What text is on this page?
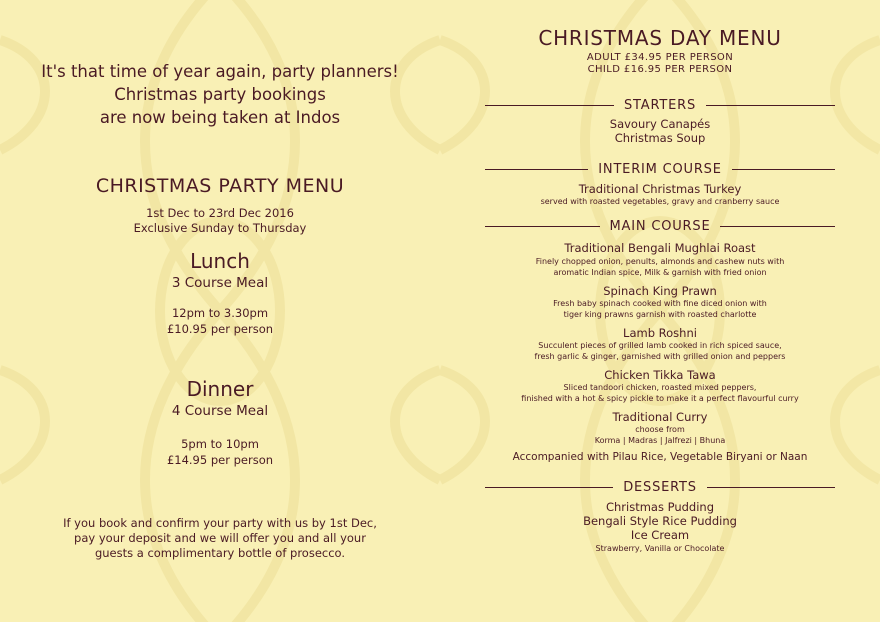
It's that time of year again, party planners!
Christmas party bookings
are now being taken at Indos
CHRISTMAS PARTY MENU
1st Dec to 23rd Dec 2016
Exclusive Sunday to Thursday
Lunch
3 Course Meal
12pm to 3.30pm
£10.95 per person
Dinner
4 Course Meal
5pm to 10pm
£14.95 per person
If you book and confirm your party with us by 1st Dec,
pay your deposit and we will offer you and all your
guests a complimentary bottle of prosecco.
CHRISTMAS DAY MENU
ADULT £34.95 PER PERSON
CHILD £16.95 PER PERSON
STARTERS
Savoury Canapés
Christmas Soup
INTERIM COURSE
Traditional Christmas Turkey
served with roasted vegetables, gravy and cranberry sauce
MAIN COURSE
Traditional Bengali Mughlai Roast
Finely chopped onion, penults, almonds and cashew nuts with
aromatic Indian spice, Milk & garnish with fried onion
Spinach King Prawn
Fresh baby spinach cooked with fine diced onion with
tiger king prawns garnish with roasted charlotte
Lamb Roshni
Succulent pieces of grilled lamb cooked in rich spiced sauce,
fresh garlic & ginger, garnished with grilled onion and peppers
Chicken Tikka Tawa
Sliced tandoori chicken, roasted mixed peppers,
finished with a hot & spicy pickle to make it a perfect flavourful curry
Traditional Curry
choose from
Korma | Madras | Jalfrezi | Bhuna
Accompanied with Pilau Rice, Vegetable Biryani or Naan
DESSERTS
Christmas Pudding
Bengali Style Rice Pudding
Ice Cream
Strawberry, Vanilla or Chocolate
